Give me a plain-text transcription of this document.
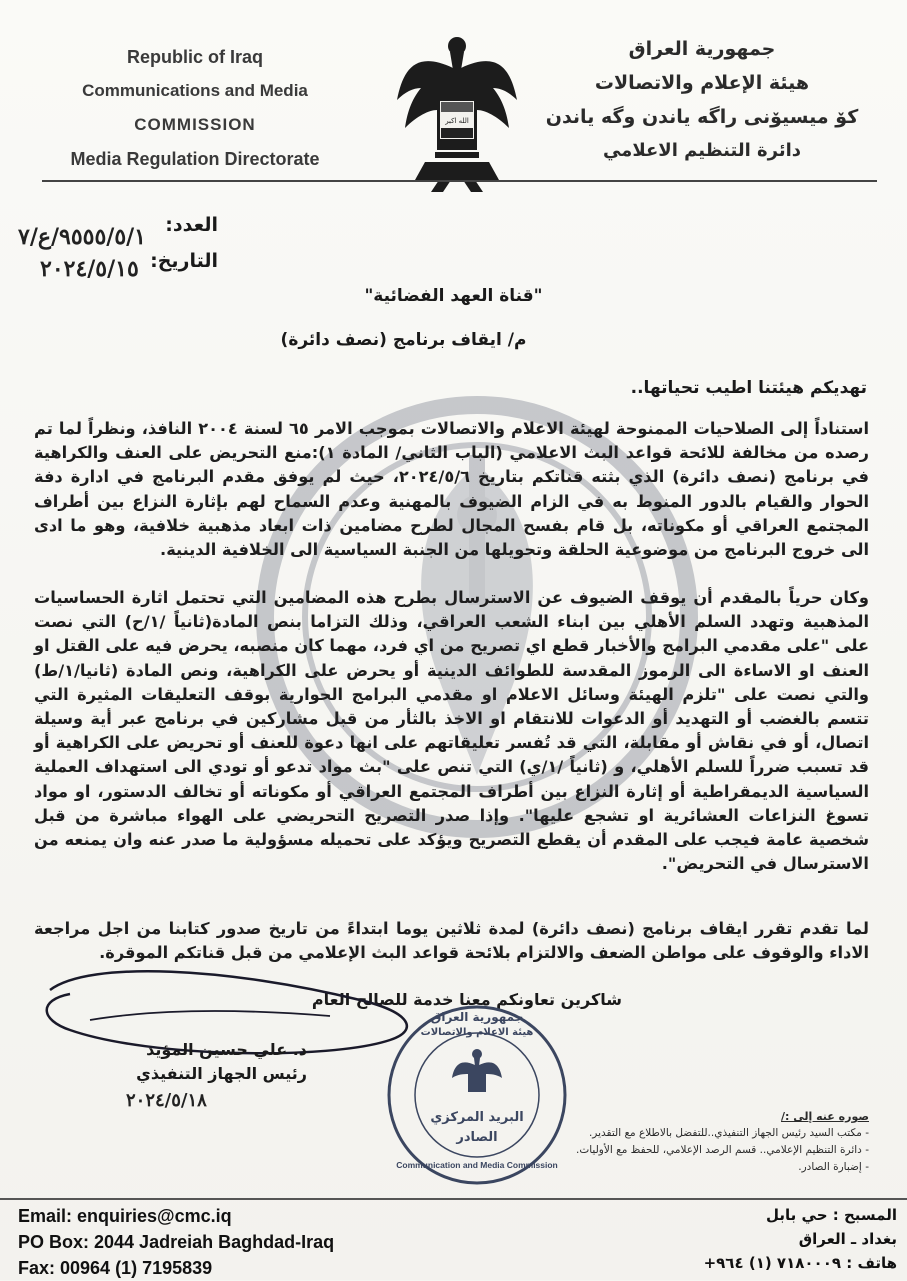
Republic of Iraq
Communications and Media
COMMISSION
Media Regulation Directorate
الله اكبر
جمهورية العراق
هيئة الإعلام والاتصالات
كۆ میسیۆنی راگه یاندن وگه یاندن
دائرة التنظيم الاعلامي
العدد:
٩٥٥٥/٥/١/ع/٧
التاريخ:
٢٠٢٤/٥/١٥
"قناة العهد الفضائية"
م/ ايقاف برنامج (نصف دائرة)
تهديكم هيئتنا اطيب تحياتها..
استناداً إلى الصلاحيات الممنوحة لهيئة الاعلام والاتصالات بموجب الامر ٦٥ لسنة ٢٠٠٤ النافذ، ونظراً لما تم رصده من مخالفة للائحة قواعد البث الاعلامي (الباب الثاني/ المادة ١):منع التحريض على العنف والكراهية في برنامج (نصف دائرة) الذي بثته قناتكم بتاريخ ٢٠٢٤/٥/٦، حيث لم يوفق مقدم البرنامج في ادارة دفة الحوار والقيام بالدور المنوط به في الزام الضيوف بالمهنية وعدم السماح لهم بإثارة النزاع بين أطراف المجتمع العراقي أو مكوناته، بل قام بفسح المجال لطرح مضامين ذات ابعاد مذهبية خلافية، وهو ما ادى الى خروج البرنامج من موضوعية الحلقة وتحويلها من الجنبة السياسية الى الخلافية الدينية.
وكان حرياً بالمقدم أن يوقف الضيوف عن الاسترسال بطرح هذه المضامين التي تحتمل اثارة الحساسيات المذهبية وتهدد السلم الأهلي بين ابناء الشعب العراقي، وذلك التزاما بنص المادة(ثانياً /١/ح) التي نصت على "على مقدمي البرامج والأخبار قطع اي تصريح من اي فرد، مهما كان منصبه، يحرض فيه على القتل او العنف او الاساءة الى الرموز المقدسة للطوائف الدينية أو يحرض على الكراهية، ونص المادة (ثانيا/١/ط) والتي نصت على "تلزم الهيئة وسائل الاعلام او مقدمي البرامج الحوارية بوقف التعليقات المثيرة التي تتسم بالغضب أو التهديد أو الدعوات للانتقام او الاخذ بالثأر من قبل مشاركين في برنامج عبر أية وسيلة اتصال، أو في نقاش أو مقابلة، التي قد تُفسر تعليقاتهم على انها دعوة للعنف أو تحريض على الكراهية أو قد تسبب ضرراً للسلم الأهلي، و (ثانياً /١/ي) التي تنص على "بث مواد تدعو أو تودي الى استهداف العملية السياسية الديمقراطية أو إثارة النزاع بين أطراف المجتمع العراقي أو مكوناته أو تخالف الدستور، او مواد تسوغ النزاعات العشائرية او تشجع عليها". وإذا صدر التصريح التحريضي على الهواء مباشرة من قبل شخصية عامة فيجب على المقدم أن يقطع التصريح ويؤكد على تحميله مسؤولية ما صدر عنه وان يمنعه من الاسترسال في التحريض".
لما تقدم تقرر ايقاف برنامج (نصف دائرة) لمدة ثلاثين يوما ابتداءً من تاريخ صدور كتابنا من اجل مراجعة الاداء والوقوف على مواطن الضعف والالتزام بلائحة قواعد البث الإعلامي من قبل قناتكم الموقرة.
شاكرين تعاونكم معنا خدمة للصالح العام
د. علي حسين المؤيد
رئيس الجهاز التنفيذي
٢٠٢٤/٥/١٨
جمهورية العراق
هيئة الاعلام والاتصالات
البريد المركزي
الصادر
Communication and Media Commission
صوره عنه إلى :/
- مكتب السيد رئيس الجهاز التنفيذي..للتفضل بالاطلاع مع التقدير.
- دائرة التنظيم الإعلامي.. قسم الرصد الإعلامي، للحفظ مع الأوليات.
- إضبارة الصادر.
Email: enquiries@cmc.iq
PO Box: 2044 Jadreiah Baghdad-Iraq
Fax: 00964 (1) 7195839
المسبح : حي بابل
بغداد ـ العراق
هاتف : ٧١٨٠٠٠٩ (١) ٩٦٤+
